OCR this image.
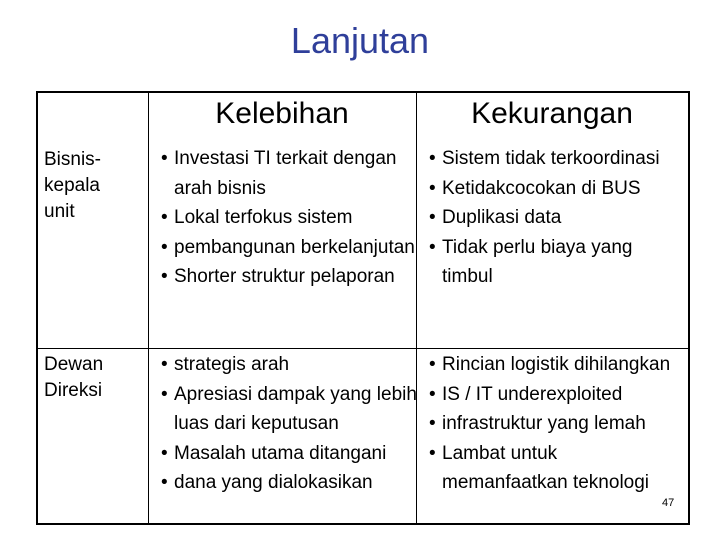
Lanjutan
Kelebihan	Kekurangan
Bisnis-kepala unit
• Investasi TI terkait dengan arah bisnis
• Lokal terfokus sistem
• pembangunan berkelanjutan
• Shorter struktur pelaporan
• Sistem tidak terkoordinasi
• Ketidakcocokan di BUS
• Duplikasi data
• Tidak perlu biaya yang timbul
Dewan Direksi
• strategis arah
• Apresiasi dampak yang lebih luas dari keputusan
• Masalah utama ditangani
• dana yang dialokasikan
• Rincian logistik dihilangkan
• IS / IT underexploited
• infrastruktur yang lemah
• Lambat untuk memanfaatkan teknologi
47
